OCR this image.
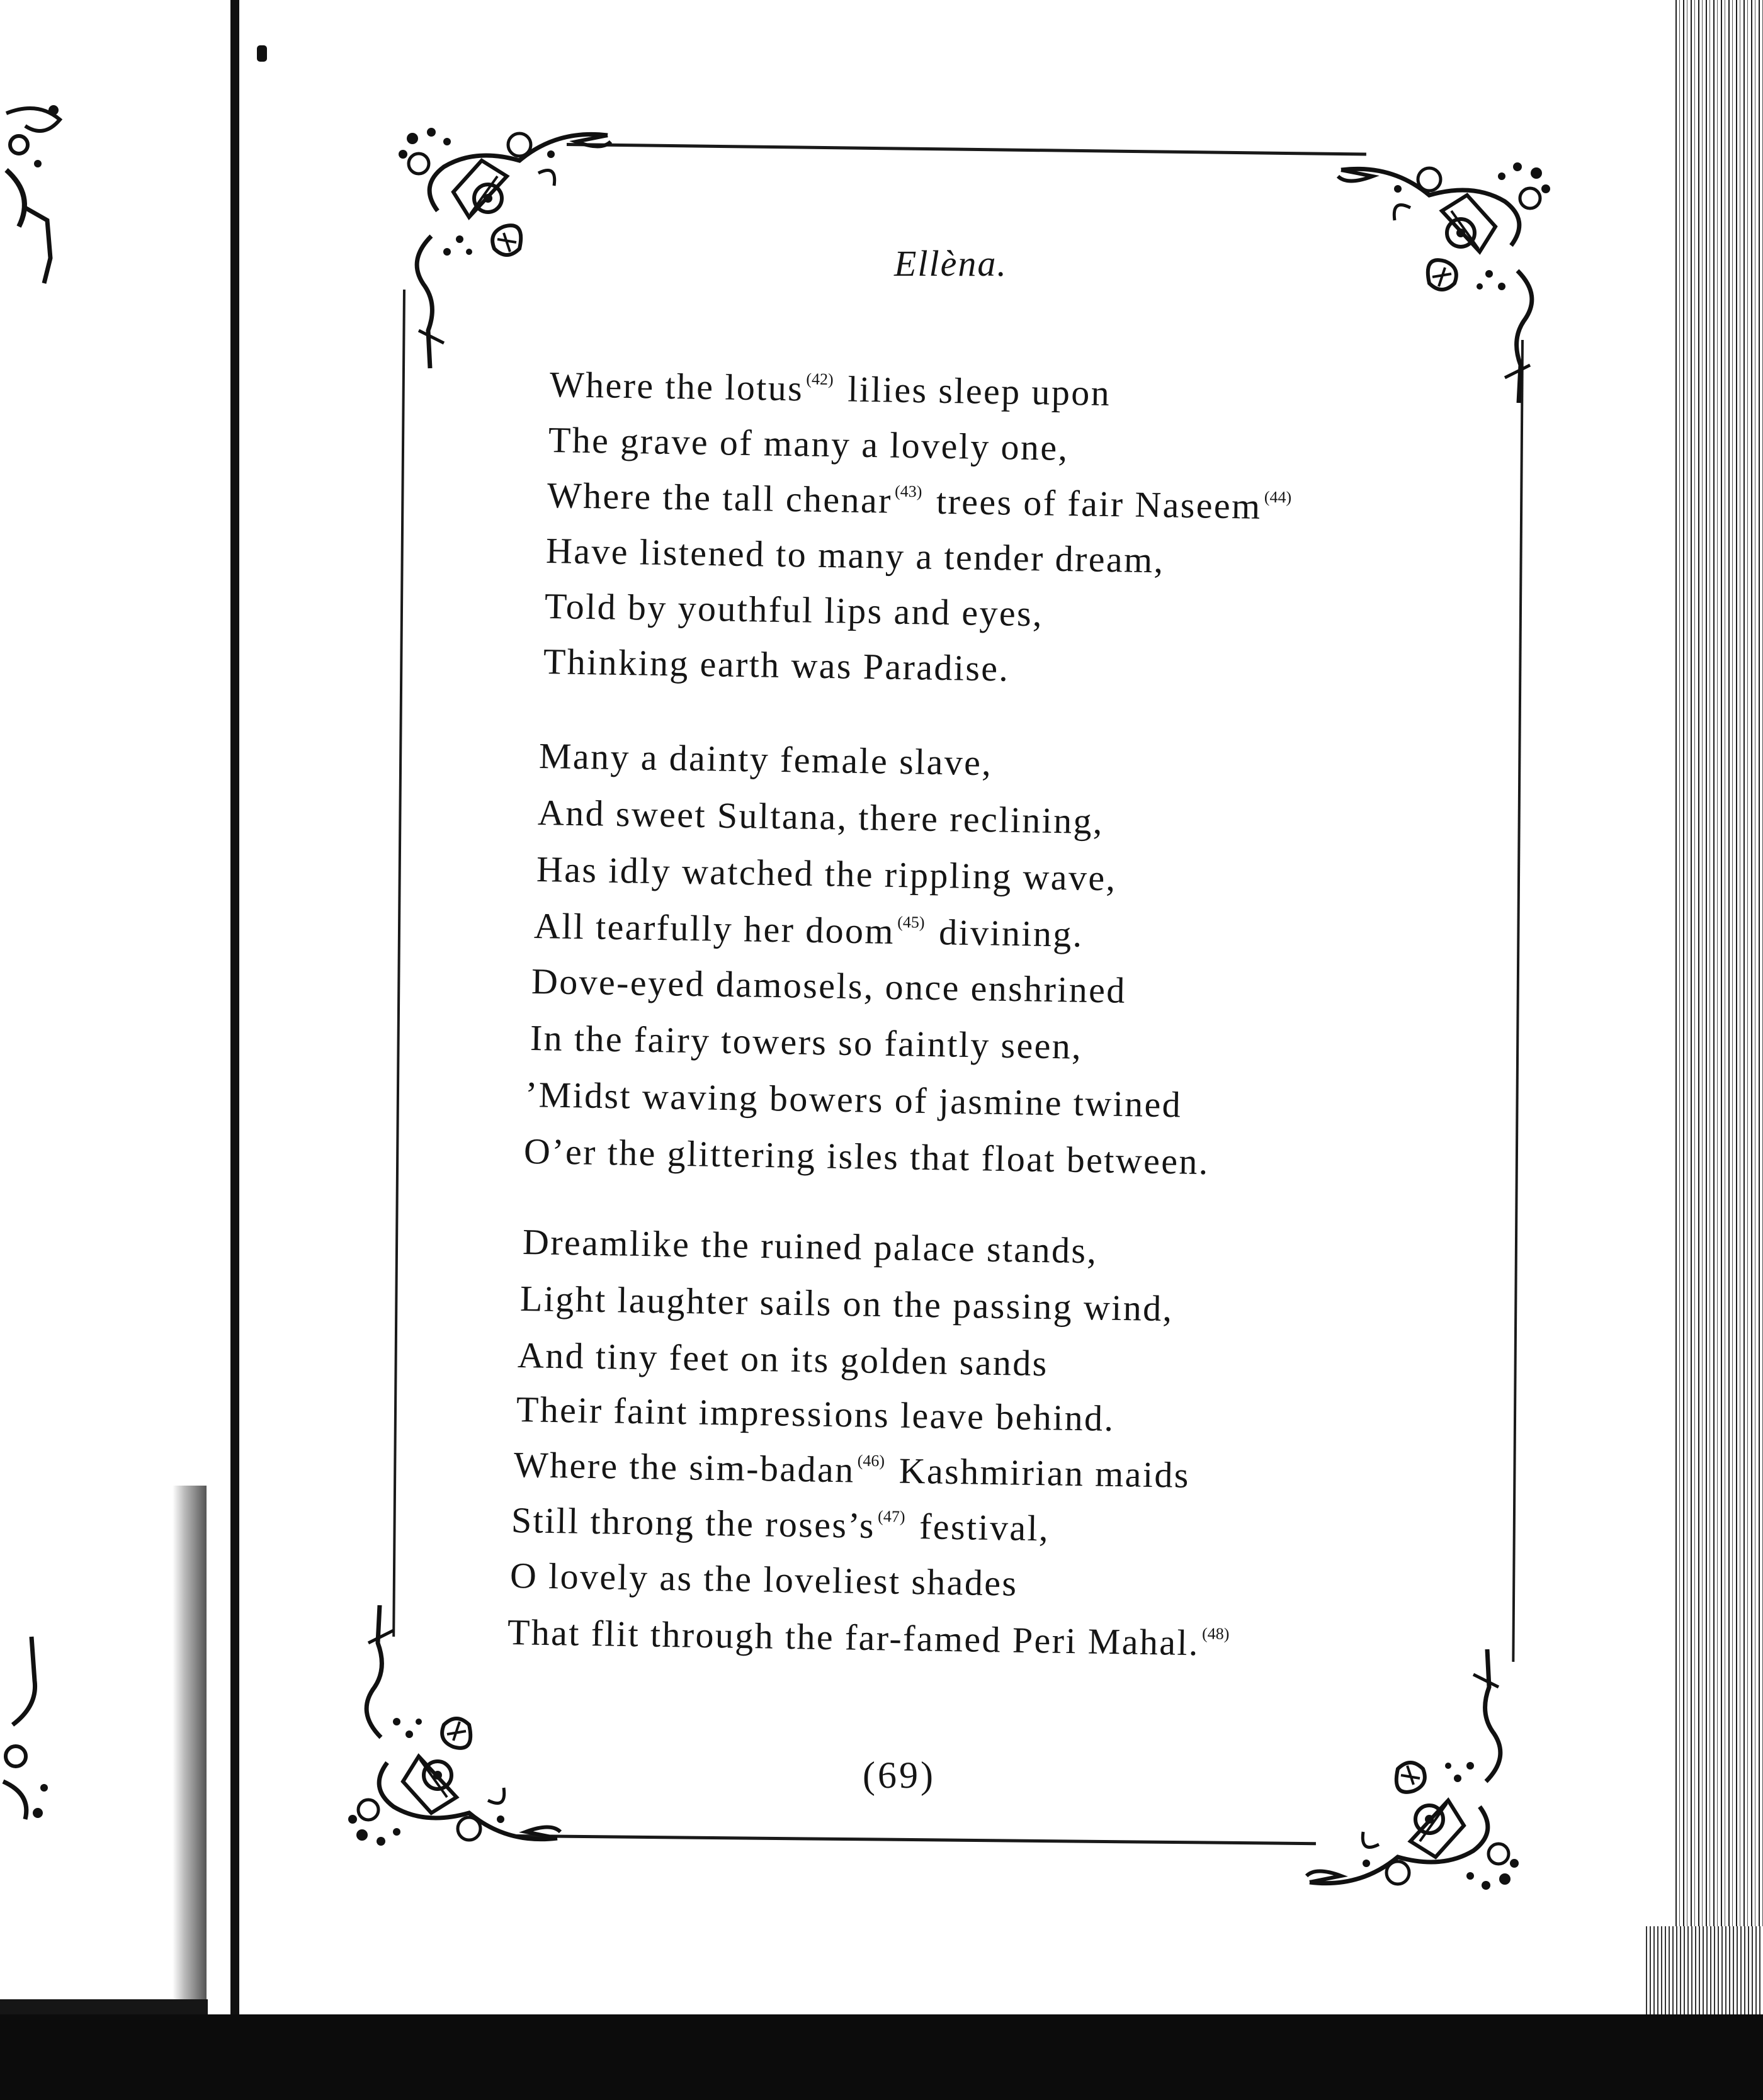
Ellèna.
Where the lotus $^{(42)}$ lilies sleep upon
The grave of many a lovely one,
Where the tall chenar $^{(43)}$ trees of fair Naseem $^{(44)}$
Have listened to many a tender dream,
Told by youthful lips and eyes,
Thinking earth was Paradise.
Many a dainty female slave,
And sweet Sultana, there reclining,
Has idly watched the rippling wave,
All tearfully her doom $^{(45)}$ divining.
Dove-eyed damosels, once enshrined
In the fairy towers so faintly seen,
’Midst waving bowers of jasmine twined
O’er the glittering isles that float between.
Dreamlike the ruined palace stands,
Light laughter sails on the passing wind,
And tiny feet on its golden sands
Their faint impressions leave behind.
Where the sim-badan $^{(46)}$ Kashmirian maids
Still throng the roses’s $^{(47)}$ festival,
O lovely as the loveliest shades
That flit through the far-famed Peri Mahal. $^{(48)}$
(69)
